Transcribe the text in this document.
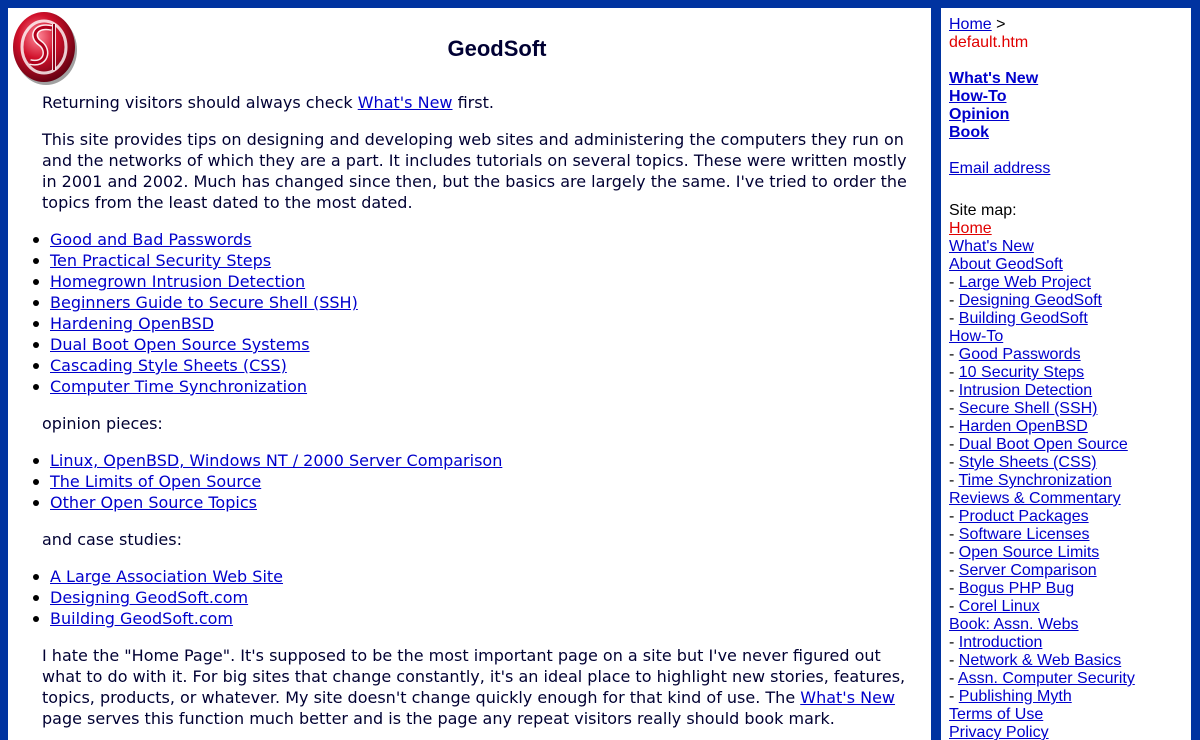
GeodSoft

Returning visitors should always check What's New first.

This site provides tips on designing and developing web sites and administering the computers they run on and the networks of which they are a part. It includes tutorials on several topics. These were written mostly in 2001 and 2002. Much has changed since then, but the basics are largely the same. I've tried to order the topics from the least dated to the most dated.

Good and Bad Passwords
Ten Practical Security Steps
Homegrown Intrusion Detection
Beginners Guide to Secure Shell (SSH)
Hardening OpenBSD
Dual Boot Open Source Systems
Cascading Style Sheets (CSS)
Computer Time Synchronization

opinion pieces:

Linux, OpenBSD, Windows NT / 2000 Server Comparison
The Limits of Open Source
Other Open Source Topics

and case studies:

A Large Association Web Site
Designing GeodSoft.com
Building GeodSoft.com

I hate the "Home Page". It's supposed to be the most important page on a site but I've never figured out what to do with it. For big sites that change constantly, it's an ideal place to highlight new stories, features, topics, products, or whatever. My site doesn't change quickly enough for that kind of use. The What's New page serves this function much better and is the page any repeat visitors really should book mark.

Home >
default.htm
What's New
How-To
Opinion
Book
Email address
Site map:
Home
What's New
About GeodSoft
- Large Web Project
- Designing GeodSoft
- Building GeodSoft
How-To
- Good Passwords
- 10 Security Steps
- Intrusion Detection
- Secure Shell (SSH)
- Harden OpenBSD
- Dual Boot Open Source
- Style Sheets (CSS)
- Time Synchronization
Reviews & Commentary
- Product Packages
- Software Licenses
- Open Source Limits
- Server Comparison
- Bogus PHP Bug
- Corel Linux
Book: Assn. Webs
- Introduction
- Network & Web Basics
- Assn. Computer Security
- Publishing Myth
Terms of Use
Privacy Policy
